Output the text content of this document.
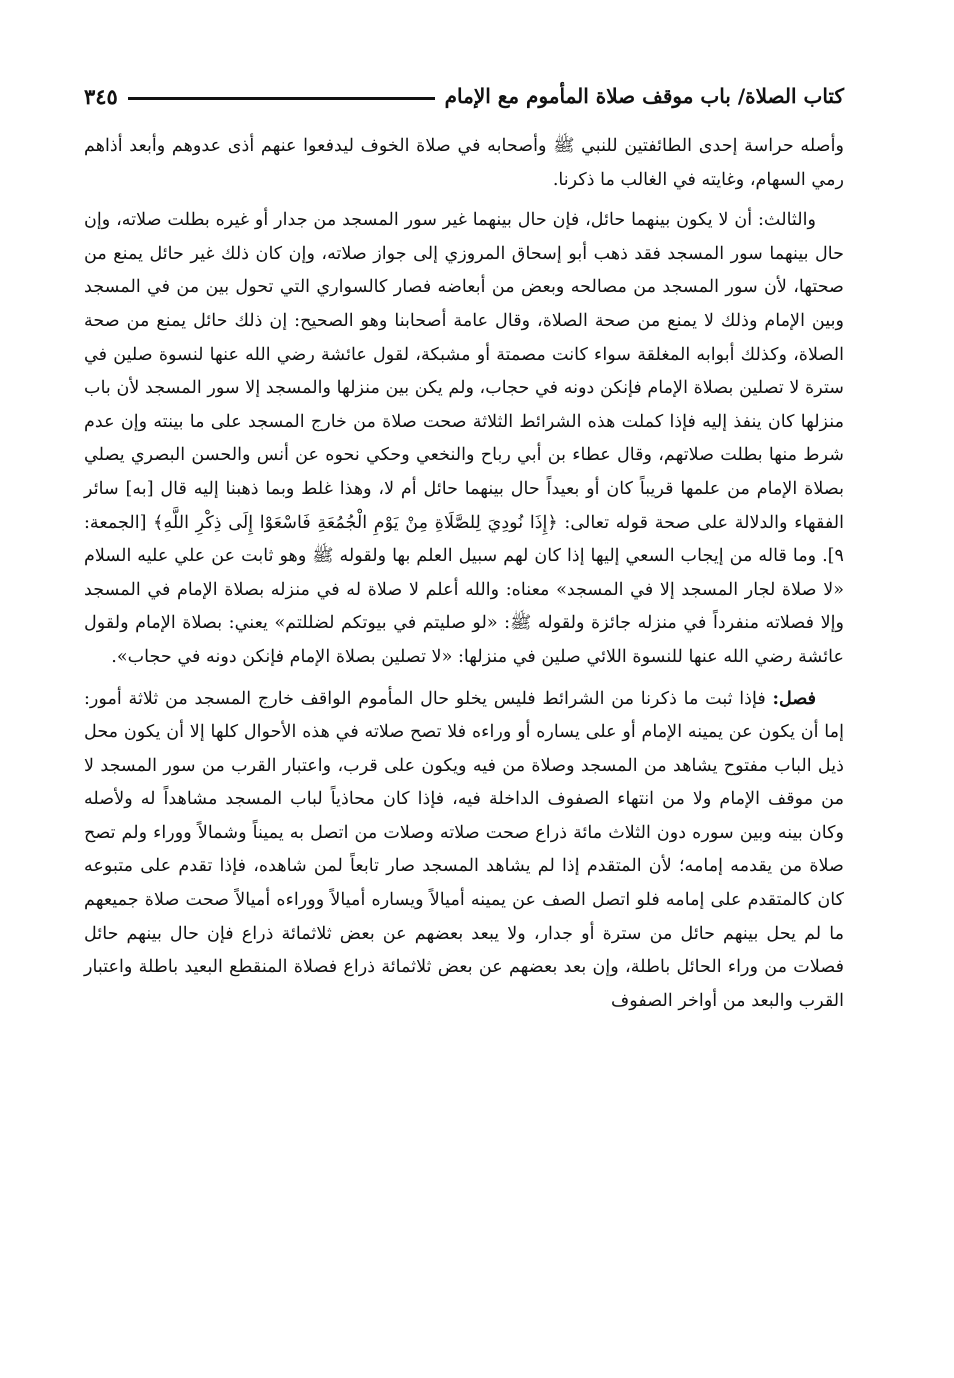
كتاب الصلاة/ باب موقف صلاة المأموم مع الإمام
٣٤٥

وأصله حراسة إحدى الطائفتين للنبي ﷺ وأصحابه في صلاة الخوف ليدفعوا عنهم أذى عدوهم وأبعد أذاهم رمي السهام، وغايته في الغالب ما ذكرنا.

والثالث: أن لا يكون بينهما حائل، فإن حال بينهما غير سور المسجد من جدار أو غيره بطلت صلاته، وإن حال بينهما سور المسجد فقد ذهب أبو إسحاق المروزي إلى جواز صلاته، وإن كان ذلك غير حائل يمنع من صحتها، لأن سور المسجد من مصالحه وبعض من أبعاضه فصار كالسواري التي تحول بين من في المسجد وبين الإمام وذلك لا يمنع من صحة الصلاة، وقال عامة أصحابنا وهو الصحيح: إن ذلك حائل يمنع من صحة الصلاة، وكذلك أبوابه المغلقة سواء كانت مصمتة أو مشبكة، لقول عائشة رضي الله عنها لنسوة صلين في سترة لا تصلين بصلاة الإمام فإنكن دونه في حجاب، ولم يكن بين منزلها والمسجد إلا سور المسجد لأن باب منزلها كان ينفذ إليه فإذا كملت هذه الشرائط الثلاثة صحت صلاة من خارج المسجد على ما بينته وإن عدم شرط منها بطلت صلاتهم، وقال عطاء بن أبي رباح والنخعي وحكي نحوه عن أنس والحسن البصري يصلي بصلاة الإمام من علمها قريباً كان أو بعيداً حال بينهما حائل أم لا، وهذا غلط وبما ذهبنا إليه قال [به] سائر الفقهاء والدلالة على صحة قوله تعالى: ﴿إِذَا نُودِيَ لِلصَّلَاةِ مِنْ يَوْمِ الْجُمُعَةِ فَاسْعَوْا إِلَى ذِكْرِ اللَّهِ﴾ [الجمعة: ٩]. وما قاله من إيجاب السعي إليها إذا كان لهم سبيل العلم بها ولقوله ﷺ وهو ثابت عن علي عليه السلام «لا صلاة لجار المسجد إلا في المسجد» معناه: والله أعلم لا صلاة له في منزله بصلاة الإمام في المسجد وإلا فصلاته منفرداً في منزله جائزة ولقوله ﷺ: «لو صليتم في بيوتكم لضللتم» يعني: بصلاة الإمام ولقول عائشة رضي الله عنها للنسوة اللائي صلين في منزلها: «لا تصلين بصلاة الإمام فإنكن دونه في حجاب».

فصل: فإذا ثبت ما ذكرنا من الشرائط فليس يخلو حال المأموم الواقف خارج المسجد من ثلاثة أمور: إما أن يكون عن يمينه الإمام أو على يساره أو وراءه فلا تصح صلاته في هذه الأحوال كلها إلا أن يكون محل ذيل الباب مفتوح يشاهد من المسجد وصلاة من فيه ويكون على قرب، واعتبار القرب من سور المسجد لا من موقف الإمام ولا من انتهاء الصفوف الداخلة فيه، فإذا كان محاذياً لباب المسجد مشاهداً له ولأصله وكان بينه وبين سوره دون الثلاث مائة ذراع صحت صلاته وصلات من اتصل به يميناً وشمالاً ووراء ولم تصح صلاة من يقدمه إمامه؛ لأن المتقدم إذا لم يشاهد المسجد صار تابعاً لمن شاهده، فإذا تقدم على متبوعه كان كالمتقدم على إمامه فلو اتصل الصف عن يمينه أميالاً ويساره أميالاً ووراءه أميالاً صحت صلاة جميعهم ما لم يحل بينهم حائل من سترة أو جدار، ولا يبعد بعضهم عن بعض ثلاثمائة ذراع فإن حال بينهم حائل فصلات من وراء الحائل باطلة، وإن بعد بعضهم عن بعض ثلاثمائة ذراع فصلاة المنقطع البعيد باطلة واعتبار القرب والبعد من أواخر الصفوف
